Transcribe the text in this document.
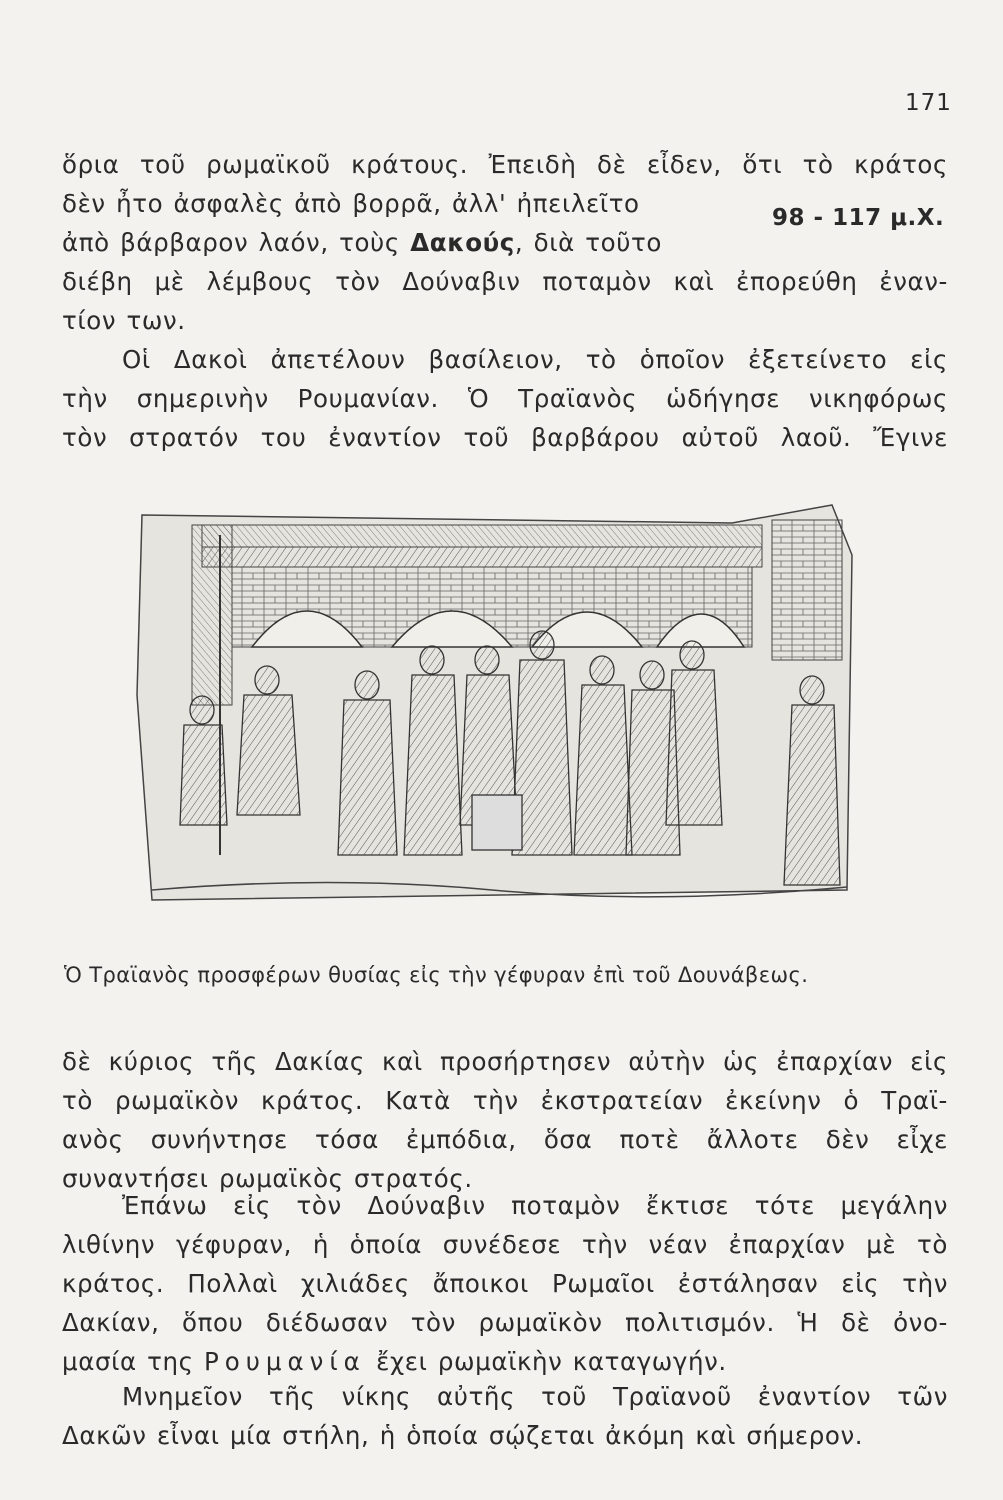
171
ὅρια τοῦ ρωμαϊκοῦ κράτους. Ἐπειδὴ δὲ εἶδεν, ὅτι τὸ κράτος
δὲν ἦτο ἀσφαλὲς ἀπὸ βορρᾶ, ἀλλ' ἠπειλεῖτο
ἀπὸ βάρβαρον λαόν, τοὺς Δακούς, διὰ τοῦτο
διέβη μὲ λέμβους τὸν Δούναβιν ποταμὸν καὶ ἐπορεύθη ἐναν-
τίον των.
98 - 117 μ.Χ.
Οἱ Δακοὶ ἀπετέλουν βασίλειον, τὸ ὁποῖον ἐξετείνετο εἰς
τὴν σημερινὴν Ρουμανίαν. Ὁ Τραϊανὸς ὡδήγησε νικηφόρως
τὸν στρατόν του ἐναντίον τοῦ βαρβάρου αὐτοῦ λαοῦ. Ἔγινε
Ὁ Τραϊανὸς προσφέρων θυσίας εἰς τὴν γέφυραν ἐπὶ τοῦ Δουνάβεως.
δὲ κύριος τῆς Δακίας καὶ προσήρτησεν αὐτὴν ὡς ἐπαρχίαν εἰς
τὸ ρωμαϊκὸν κράτος. Κατὰ τὴν ἐκστρατείαν ἐκείνην ὁ Τραϊ-
ανὸς συνήντησε τόσα ἐμπόδια, ὅσα ποτὲ ἄλλοτε δὲν εἶχε
συναντήσει ρωμαϊκὸς στρατός.
Ἐπάνω εἰς τὸν Δούναβιν ποταμὸν ἔκτισε τότε μεγάλην
λιθίνην γέφυραν, ἡ ὁποία συνέδεσε τὴν νέαν ἐπαρχίαν μὲ τὸ
κράτος. Πολλαὶ χιλιάδες ἄποικοι Ρωμαῖοι ἐστάλησαν εἰς τὴν
Δακίαν, ὅπου διέδωσαν τὸν ρωμαϊκὸν πολιτισμόν. Ἡ δὲ ὀνο-
μασία της Ρουμανία ἔχει ρωμαϊκὴν καταγωγήν.
Μνημεῖον τῆς νίκης αὐτῆς τοῦ Τραϊανοῦ ἐναντίον τῶν
Δακῶν εἶναι μία στήλη, ἡ ὁποία σῴζεται ἀκόμη καὶ σήμερον.
